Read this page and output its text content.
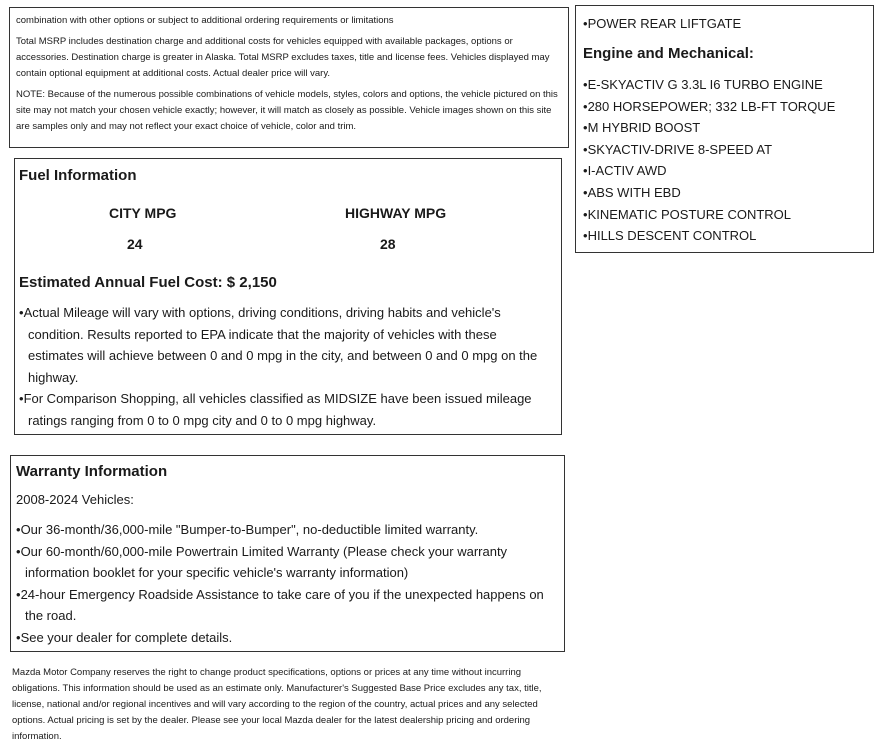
combination with other options or subject to additional ordering requirements or limitations

Total MSRP includes destination charge and additional costs for vehicles equipped with available packages, options or accessories. Destination charge is greater in Alaska. Total MSRP excludes taxes, title and license fees. Vehicles displayed may contain optional equipment at additional costs. Actual dealer price will vary.

NOTE: Because of the numerous possible combinations of vehicle models, styles, colors and options, the vehicle pictured on this site may not match your chosen vehicle exactly; however, it will match as closely as possible. Vehicle images shown on this site are samples only and may not reflect your exact choice of vehicle, color and trim.

Fuel Information
CITY MPG
24
HIGHWAY MPG
28
Estimated Annual Fuel Cost: $ 2,150
• Actual Mileage will vary with options, driving conditions, driving habits and vehicle's condition. Results reported to EPA indicate that the majority of vehicles with these estimates will achieve between 0 and 0 mpg in the city, and between 0 and 0 mpg on the highway.
• For Comparison Shopping, all vehicles classified as MIDSIZE have been issued mileage ratings ranging from 0 to 0 mpg city and 0 to 0 mpg highway.
Warranty Information
2008-2024 Vehicles:
• Our 36-month/36,000-mile "Bumper-to-Bumper", no-deductible limited warranty.
• Our 60-month/60,000-mile Powertrain Limited Warranty (Please check your warranty information booklet for your specific vehicle's warranty information)
• 24-hour Emergency Roadside Assistance to take care of you if the unexpected happens on the road.
• See your dealer for complete details.
• POWER REAR LIFTGATE
Engine and Mechanical:
• E-SKYACTIV G 3.3L I6 TURBO ENGINE
• 280 HORSEPOWER; 332 LB-FT TORQUE
• M HYBRID BOOST
• SKYACTIV-DRIVE 8-SPEED AT
• I-ACTIV AWD
• ABS WITH EBD
• KINEMATIC POSTURE CONTROL
• HILLS DESCENT CONTROL
Mazda Motor Company reserves the right to change product specifications, options or prices at any time without incurring obligations. This information should be used as an estimate only. Manufacturer's Suggested Base Price excludes any tax, title, license, national and/or regional incentives and will vary according to the region of the country, actual prices and any selected options. Actual pricing is set by the dealer. Please see your local Mazda dealer for the latest dealership pricing and ordering information.
